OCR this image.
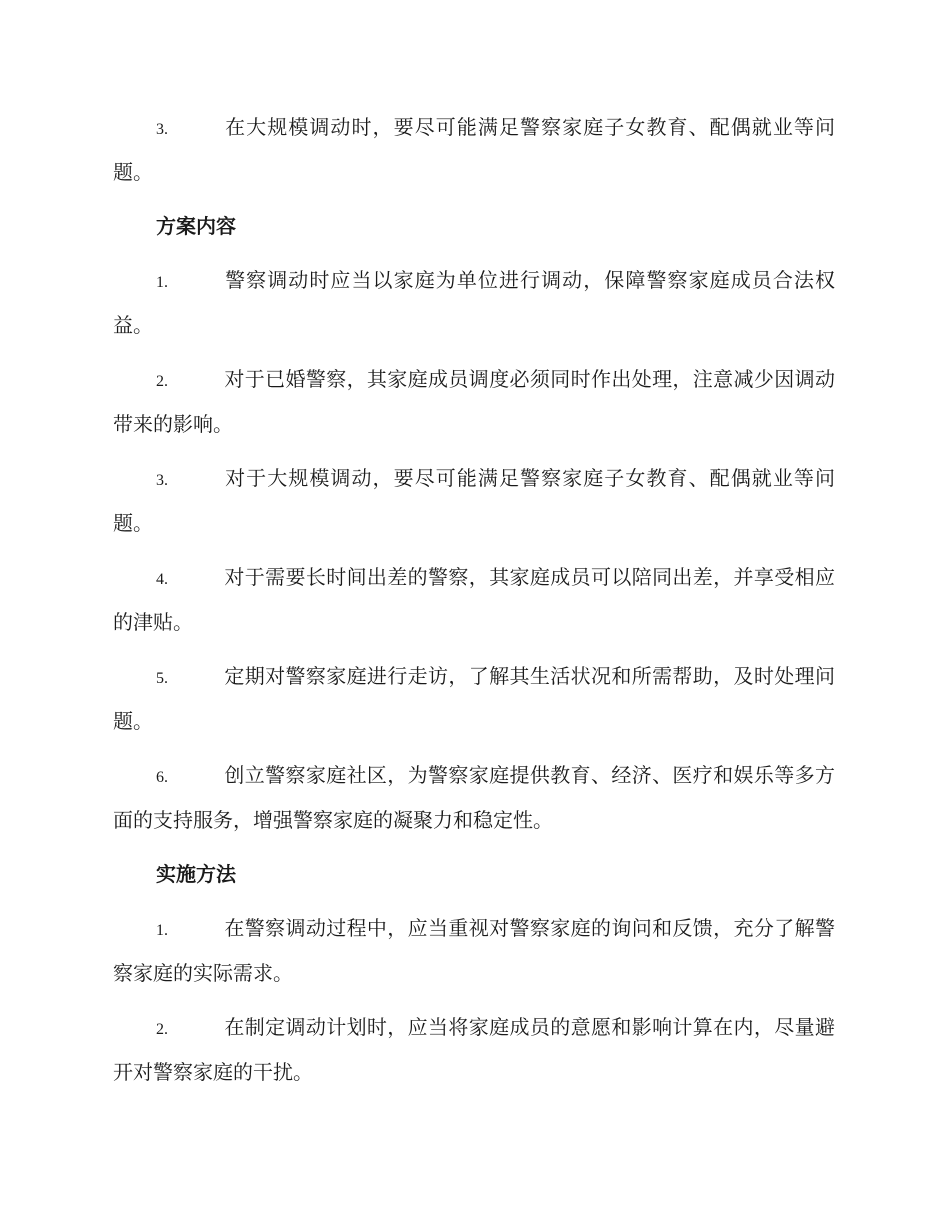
3.	在大规模调动时，要尽可能满足警察家庭子女教育、配偶就业等问题。

方案内容

1.	警察调动时应当以家庭为单位进行调动，保障警察家庭成员合法权益。

2.	对于已婚警察，其家庭成员调度必须同时作出处理，注意减少因调动带来的影响。

3.	对于大规模调动，要尽可能满足警察家庭子女教育、配偶就业等问题。

4.	对于需要长时间出差的警察，其家庭成员可以陪同出差，并享受相应的津贴。

5.	定期对警察家庭进行走访，了解其生活状况和所需帮助，及时处理问题。

6.	创立警察家庭社区，为警察家庭提供教育、经济、医疗和娱乐等多方面的支持服务，增强警察家庭的凝聚力和稳定性。

实施方法

1.	在警察调动过程中，应当重视对警察家庭的询问和反馈，充分了解警察家庭的实际需求。

2.	在制定调动计划时，应当将家庭成员的意愿和影响计算在内，尽量避开对警察家庭的干扰。
